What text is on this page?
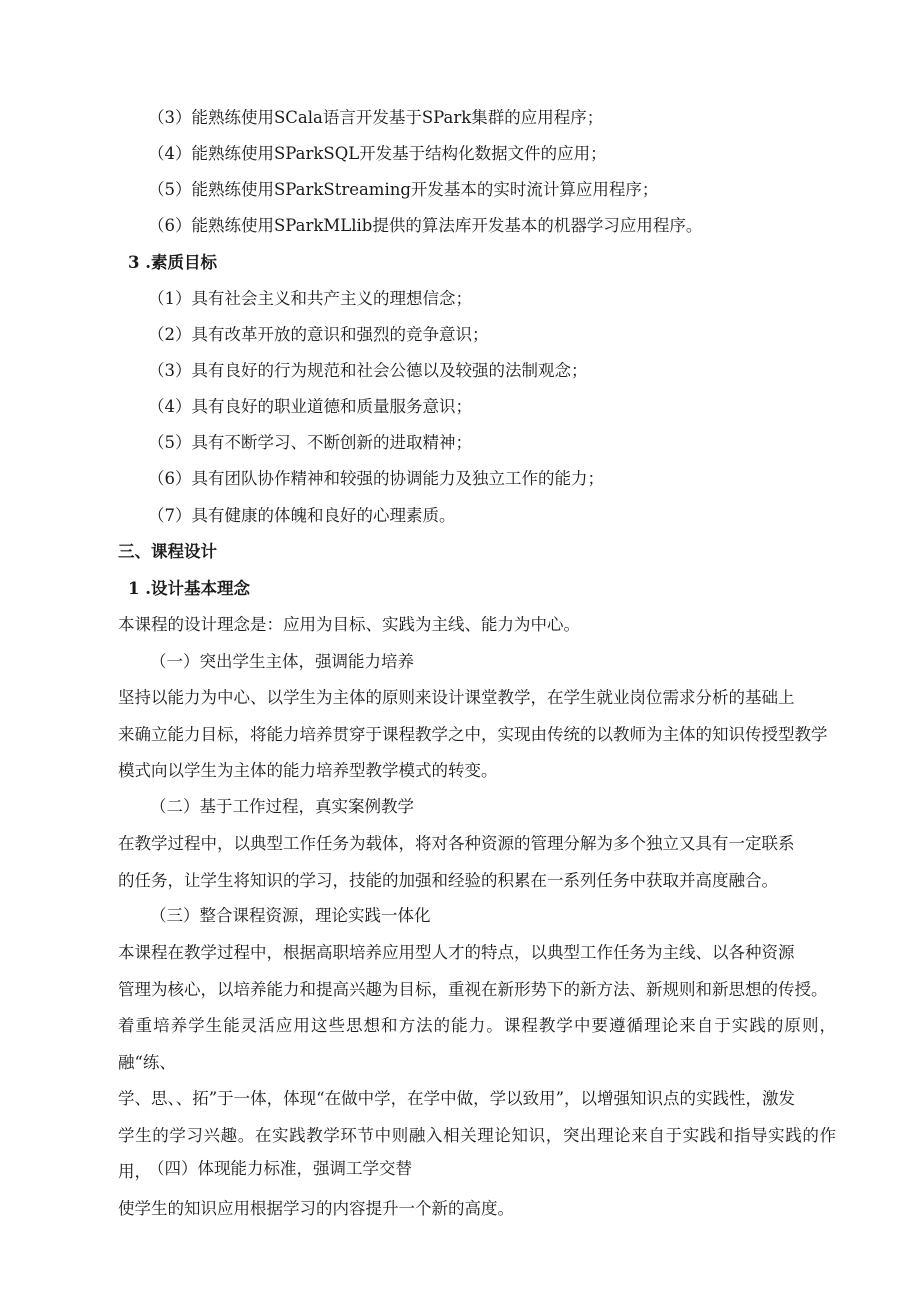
（3）能熟练使用SCala语言开发基于SPark集群的应用程序；
（4）能熟练使用SParkSQL开发基于结构化数据文件的应用；
（5）能熟练使用SParkStreaming开发基本的实时流计算应用程序；
（6）能熟练使用SParkMLlib提供的算法库开发基本的机器学习应用程序。
3 .素质目标
（1）具有社会主义和共产主义的理想信念；
（2）具有改革开放的意识和强烈的竞争意识；
（3）具有良好的行为规范和社会公德以及较强的法制观念；
（4）具有良好的职业道德和质量服务意识；
（5）具有不断学习、不断创新的进取精神；
（6）具有团队协作精神和较强的协调能力及独立工作的能力；
（7）具有健康的体魄和良好的心理素质。
三、课程设计
1 .设计基本理念
本课程的设计理念是：应用为目标、实践为主线、能力为中心。
（一）突出学生主体，强调能力培养

坚持以能力为中心、以学生为主体的原则来设计课堂教学，在学生就业岗位需求分析的基础上

来确立能力目标，将能力培养贯穿于课程教学之中，实现由传统的以教师为主体的知识传授型教学

模式向以学生为主体的能力培养型教学模式的转变。

（二）基于工作过程，真实案例教学

在教学过程中，以典型工作任务为载体，将对各种资源的管理分解为多个独立又具有一定联系

的任务，让学生将知识的学习，技能的加强和经验的积累在一系列任务中获取并高度融合。

（三）整合课程资源，理论实践一体化

本课程在教学过程中，根据高职培养应用型人才的特点，以典型工作任务为主线、以各种资源

管理为核心，以培养能力和提高兴趣为目标，重视在新形势下的新方法、新规则和新思想的传授。

着重培养学生能灵活应用这些思想和方法的能力。课程教学中要遵循理论来自于实践的原则，融“练、

学、思、、拓”于一体，体现“在做中学，在学中做，学以致用”，以增强知识点的实践性，激发

学生的学习兴趣。在实践教学环节中则融入相关理论知识，突出理论来自于实践和指导实践的作用，

使学生的知识应用根据学习的内容提升一个新的高度。

（四）体现能力标准，强调工学交替
